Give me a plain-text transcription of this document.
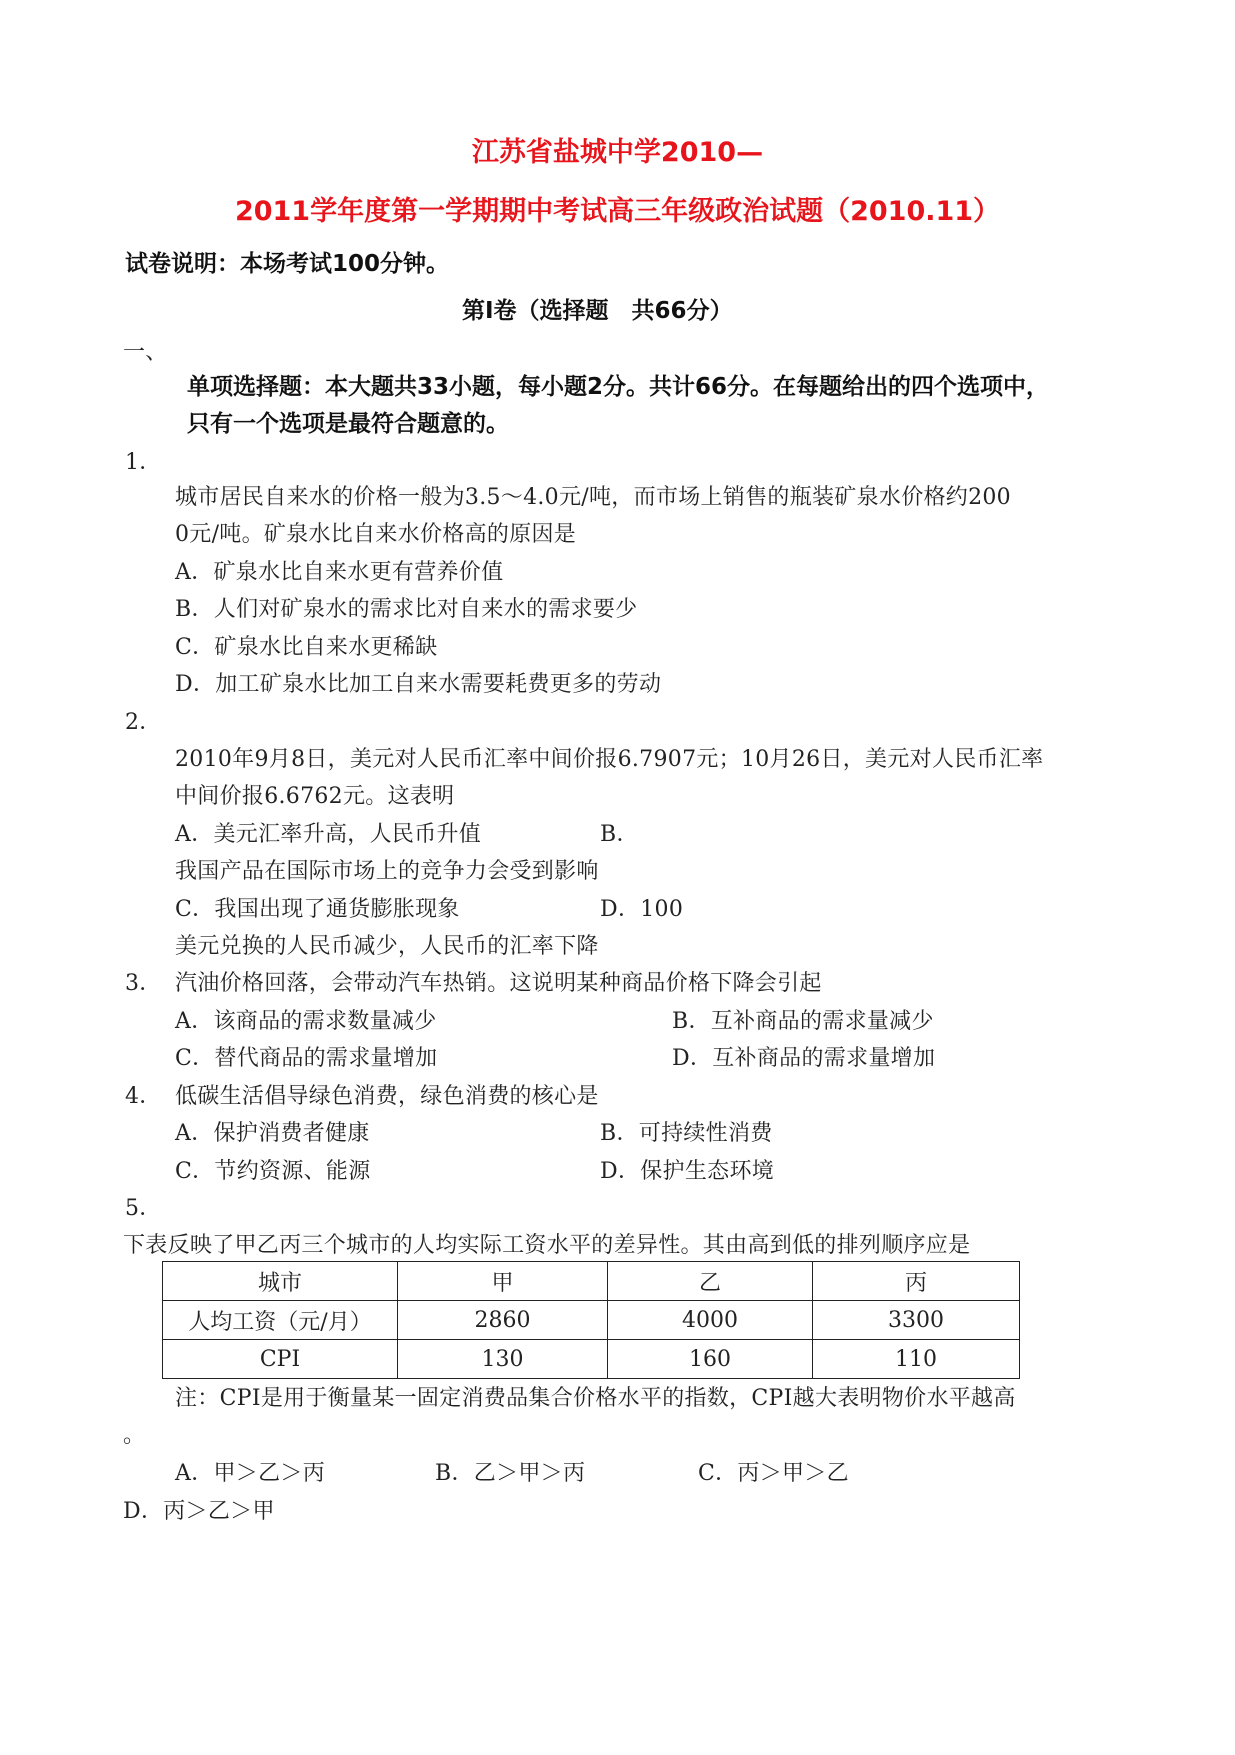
江苏省盐城中学2010—
2011学年度第一学期期中考试高三年级政治试题（2010.11）
试卷说明：本场考试100分钟。
第I卷（选择题　共66分）
一、
单项选择题：本大题共33小题，每小题2分。共计66分。在每题给出的四个选项中，
只有一个选项是最符合题意的。
1．
城市居民自来水的价格一般为3.5～4.0元/吨，而市场上销售的瓶装矿泉水价格约200
0元/吨。矿泉水比自来水价格高的原因是
A．矿泉水比自来水更有营养价值
B．人们对矿泉水的需求比对自来水的需求要少
C．矿泉水比自来水更稀缺
D．加工矿泉水比加工自来水需要耗费更多的劳动
2．
2010年9月8日，美元对人民币汇率中间价报6.7907元；10月26日，美元对人民币汇率
中间价报6.6762元。这表明
A．美元汇率升高，人民币升值	B．
我国产品在国际市场上的竞争力会受到影响
C．我国出现了通货膨胀现象	D．100
美元兑换的人民币减少，人民币的汇率下降
3． 汽油价格回落，会带动汽车热销。这说明某种商品价格下降会引起
A．该商品的需求数量减少	B．互补商品的需求量减少
C．替代商品的需求量增加	D．互补商品的需求量增加
4． 低碳生活倡导绿色消费，绿色消费的核心是
A．保护消费者健康	B．可持续性消费
C．节约资源、能源	D．保护生态环境
5．
下表反映了甲乙丙三个城市的人均实际工资水平的差异性。其由高到低的排列顺序应是
城市	甲	乙	丙
人均工资（元/月）	2860	4000	3300
CPI	130	160	110
注：CPI是用于衡量某一固定消费品集合价格水平的指数，CPI越大表明物价水平越高
。
A．甲＞乙＞丙	B．乙＞甲＞丙	C．丙＞甲＞乙
D．丙＞乙＞甲
